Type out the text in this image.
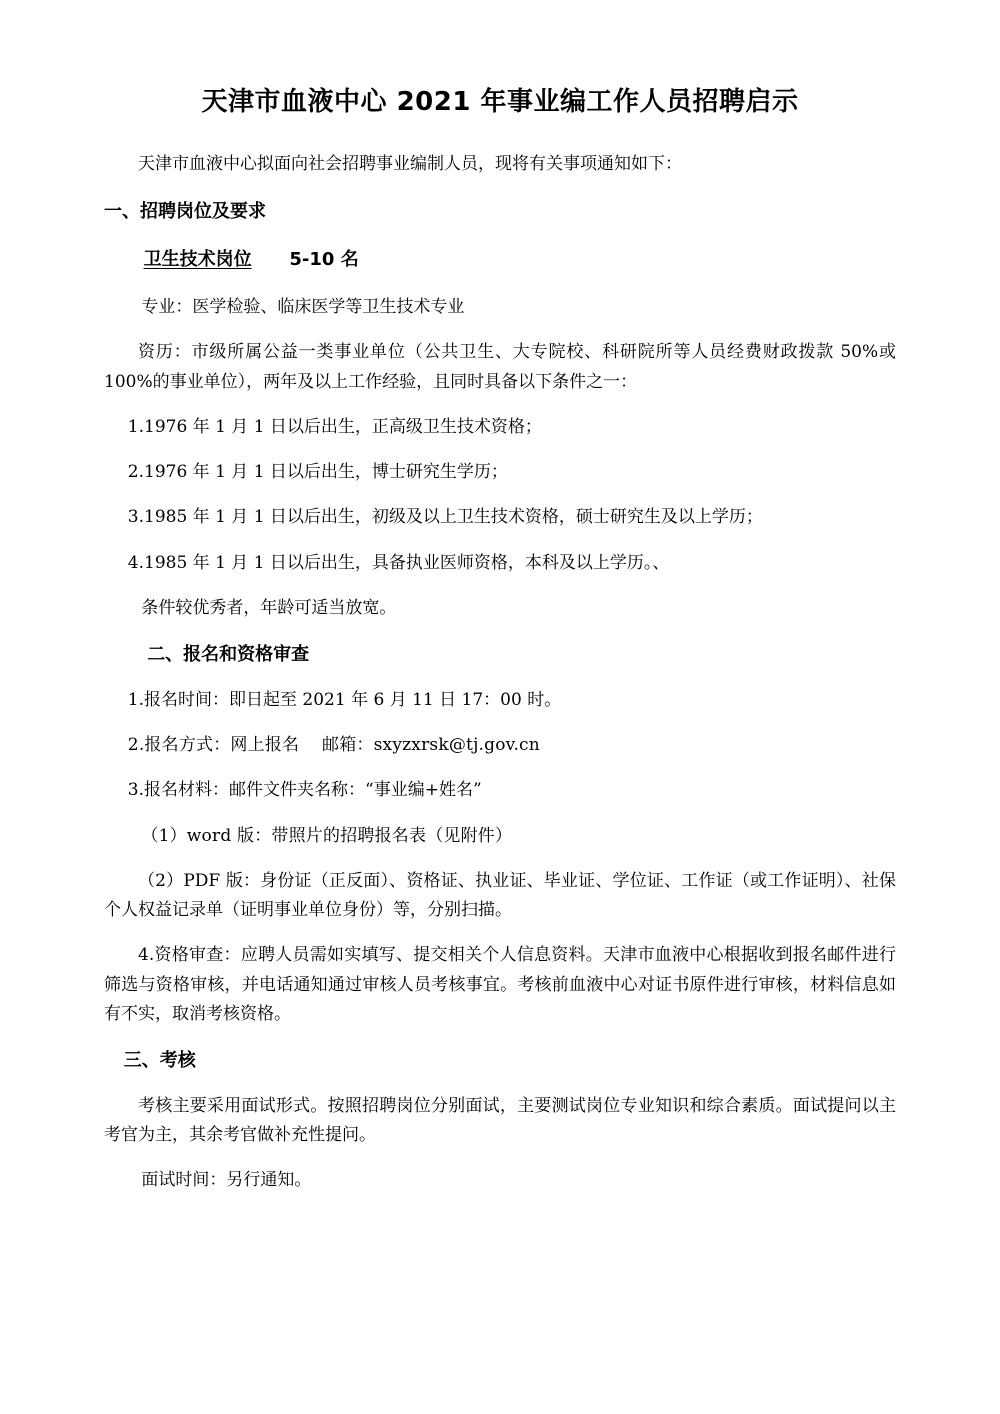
天津市血液中心 2021 年事业编工作人员招聘启示

天津市血液中心拟面向社会招聘事业编制人员，现将有关事项通知如下：

一、招聘岗位及要求

卫生技术岗位 5-10 名

专业：医学检验、临床医学等卫生技术专业

资历：市级所属公益一类事业单位（公共卫生、大专院校、科研院所等人员经费财政拨款 50%或 100%的事业单位），两年及以上工作经验，且同时具备以下条件之一：

1.1976 年 1 月 1 日以后出生，正高级卫生技术资格；

2.1976 年 1 月 1 日以后出生，博士研究生学历；

3.1985 年 1 月 1 日以后出生，初级及以上卫生技术资格，硕士研究生及以上学历；

4.1985 年 1 月 1 日以后出生，具备执业医师资格，本科及以上学历。、

条件较优秀者，年龄可适当放宽。

二、报名和资格审查

1.报名时间：即日起至 2021 年 6 月 11 日 17：00 时。

2.报名方式：网上报名　 邮箱：sxyzxrsk@tj.gov.cn

3.报名材料：邮件文件夹名称：“事业编+姓名”

（1）word 版：带照片的招聘报名表（见附件）

（2）PDF 版：身份证（正反面）、资格证、执业证、毕业证、学位证、工作证（或工作证明）、社保个人权益记录单（证明事业单位身份）等，分别扫描。

4.资格审查：应聘人员需如实填写、提交相关个人信息资料。天津市血液中心根据收到报名邮件进行筛选与资格审核，并电话通知通过审核人员考核事宜。考核前血液中心对证书原件进行审核，材料信息如有不实，取消考核资格。

三、考核

考核主要采用面试形式。按照招聘岗位分别面试，主要测试岗位专业知识和综合素质。面试提问以主考官为主，其余考官做补充性提问。

面试时间：另行通知。
